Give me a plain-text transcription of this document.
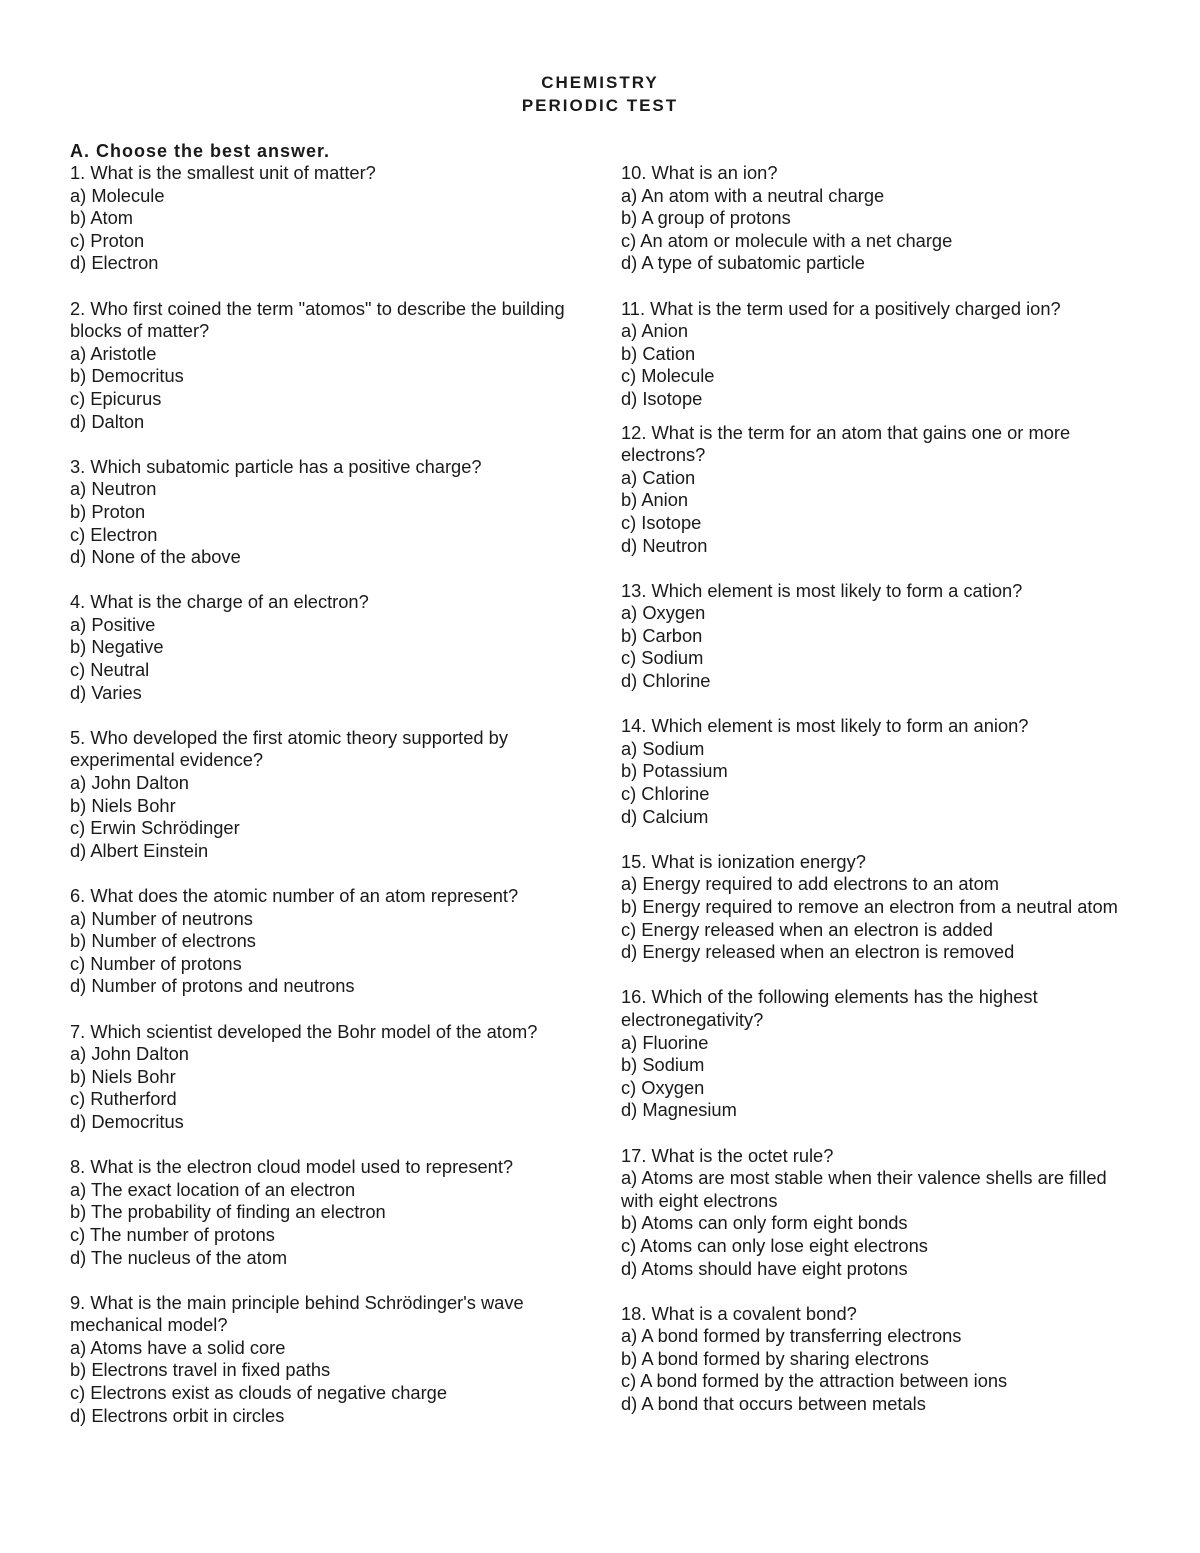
CHEMISTRY
PERIODIC TEST
A. Choose the best answer.
1. What is the smallest unit of matter?
a) Molecule
b) Atom
c) Proton
d) Electron
2. Who first coined the term "atomos" to describe the building blocks of matter?
a) Aristotle
b) Democritus
c) Epicurus
d) Dalton
3. Which subatomic particle has a positive charge?
a) Neutron
b) Proton
c) Electron
d) None of the above
4. What is the charge of an electron?
a) Positive
b) Negative
c) Neutral
d) Varies
5. Who developed the first atomic theory supported by experimental evidence?
a) John Dalton
b) Niels Bohr
c) Erwin Schrödinger
d) Albert Einstein
6. What does the atomic number of an atom represent?
a) Number of neutrons
b) Number of electrons
c) Number of protons
d) Number of protons and neutrons
7. Which scientist developed the Bohr model of the atom?
a) John Dalton
b) Niels Bohr
c) Rutherford
d) Democritus
8. What is the electron cloud model used to represent?
a) The exact location of an electron
b) The probability of finding an electron
c) The number of protons
d) The nucleus of the atom
9. What is the main principle behind Schrödinger's wave mechanical model?
a) Atoms have a solid core
b) Electrons travel in fixed paths
c) Electrons exist as clouds of negative charge
d) Electrons orbit in circles
10. What is an ion?
a) An atom with a neutral charge
b) A group of protons
c) An atom or molecule with a net charge
d) A type of subatomic particle
11. What is the term used for a positively charged ion?
a) Anion
b) Cation
c) Molecule
d) Isotope
12. What is the term for an atom that gains one or more electrons?
a) Cation
b) Anion
c) Isotope
d) Neutron
13. Which element is most likely to form a cation?
a) Oxygen
b) Carbon
c) Sodium
d) Chlorine
14. Which element is most likely to form an anion?
a) Sodium
b) Potassium
c) Chlorine
d) Calcium
15. What is ionization energy?
a) Energy required to add electrons to an atom
b) Energy required to remove an electron from a neutral atom
c) Energy released when an electron is added
d) Energy released when an electron is removed
16. Which of the following elements has the highest electronegativity?
a) Fluorine
b) Sodium
c) Oxygen
d) Magnesium
17. What is the octet rule?
a) Atoms are most stable when their valence shells are filled with eight electrons
b) Atoms can only form eight bonds
c) Atoms can only lose eight electrons
d) Atoms should have eight protons
18. What is a covalent bond?
a) A bond formed by transferring electrons
b) A bond formed by sharing electrons
c) A bond formed by the attraction between ions
d) A bond that occurs between metals
